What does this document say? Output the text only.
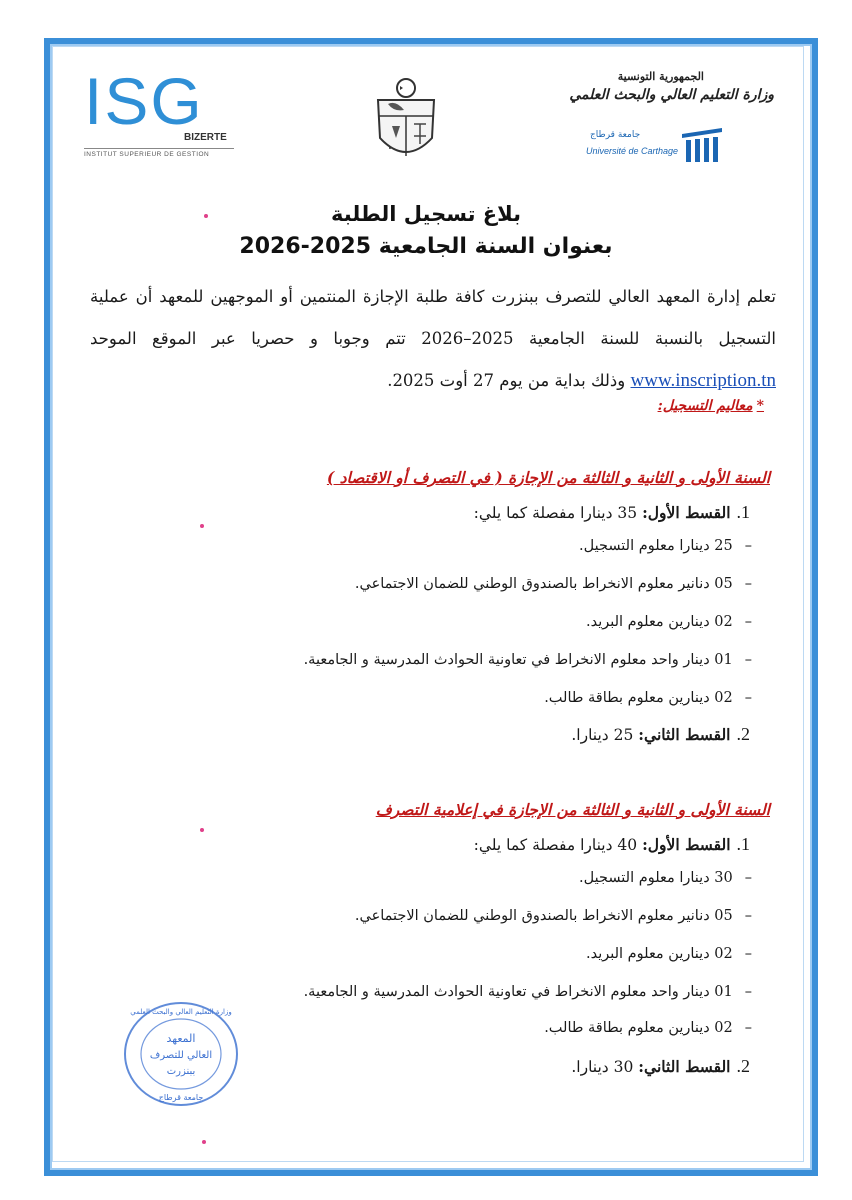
ISG
BIZERTE
INSTITUT SUPERIEUR DE GESTION
الجمهورية التونسية
وزارة التعليم العالي والبحث العلمي
جامعة قرطاج
Université de Carthage
بلاغ تسجيل الطلبة
بعنوان السنة الجامعية 2025-2026
تعلم إدارة المعهد العالي للتصرف ببنزرت كافة طلبة الإجازة المنتمين أو الموجهين للمعهد أن عملية التسجيل بالنسبة للسنة الجامعية 2025–2026 تتم وجوبا و حصريا عبر الموقع الموحد www.inscription.tn وذلك بداية من يوم 27 أوت 2025.
*معاليم التسجيل:
السنة الأولى و الثانية و الثالثة من الإجازة ( في التصرف أو الاقتصاد )
1.القسط الأول: 35 دينارا مفصلة كما يلي:
–25 دينارا معلوم التسجيل.
–05 دنانير معلوم الانخراط بالصندوق الوطني للضمان الاجتماعي.
–02 دينارين معلوم البريد.
–01 دينار واحد معلوم الانخراط في تعاونية الحوادث المدرسية و الجامعية.
–02 دينارين معلوم بطاقة طالب.
2.القسط الثاني: 25 دينارا.
السنة الأولى و الثانية و الثالثة من الإجازة في إعلامية التصرف
1.القسط الأول: 40 دينارا مفصلة كما يلي:
–30 دينارا معلوم التسجيل.
–05 دنانير معلوم الانخراط بالصندوق الوطني للضمان الاجتماعي.
–02 دينارين معلوم البريد.
–01 دينار واحد معلوم الانخراط في تعاونية الحوادث المدرسية و الجامعية.
–02 دينارين معلوم بطاقة طالب.
2.القسط الثاني: 30 دينارا.
المعهد
العالي للتصرف
ببنزرت
وزارة التعليم العالي والبحث العلمي
جامعة قرطاج
